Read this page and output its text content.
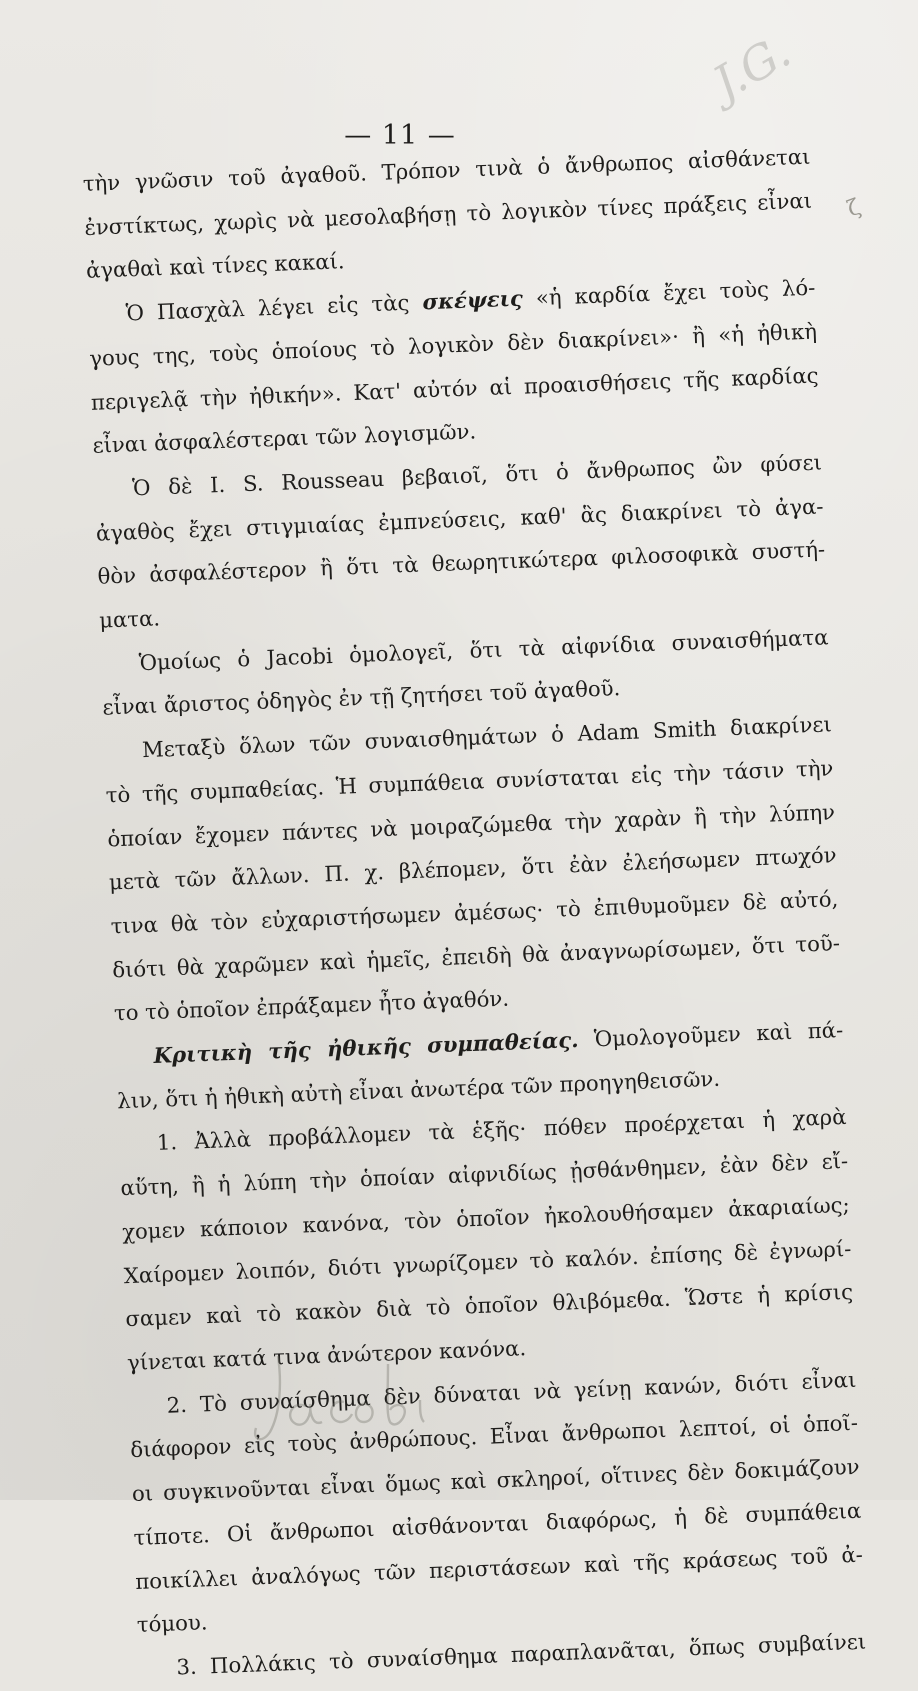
J.G.
— 11 —
ζ
τὴν γνῶσιν τοῦ ἀγαθοῦ. Τρόπον τινὰ ὁ ἄνθρωπος αἰσθάνεται
ἐνστίκτως, χωρὶς νὰ μεσολαβήσῃ τὸ λογικὸν τίνες πράξεις εἶναι
ἀγαθαὶ καὶ τίνες κακαί.
Ὁ Πασχὰλ λέγει εἰς τὰς σκέψεις «ἡ καρδία ἔχει τοὺς λό-
γους της, τοὺς ὁποίους τὸ λογικὸν δὲν διακρίνει»· ἢ «ἡ ἠθικὴ
περιγελᾷ τὴν ἠθικήν». Κατ' αὐτόν αἱ προαισθήσεις τῆς καρδίας
εἶναι ἀσφαλέστεραι τῶν λογισμῶν.
Ὁ δὲ I. S. Rousseau βεβαιοῖ, ὅτι ὁ ἄνθρωπος ὢν φύσει
ἀγαθὸς ἔχει στιγμιαίας ἐμπνεύσεις, καθ' ἃς διακρίνει τὸ ἀγα-
θὸν ἀσφαλέστερον ἢ ὅτι τὰ θεωρητικώτερα φιλοσοφικὰ συστή-
ματα.
Ὁμοίως ὁ Jacobi ὁμολογεῖ, ὅτι τὰ αἰφνίδια συναισθήματα
εἶναι ἄριστος ὁδηγὸς ἐν τῇ ζητήσει τοῦ ἀγαθοῦ.
Μεταξὺ ὅλων τῶν συναισθημάτων ὁ Adam Smith διακρίνει
τὸ τῆς συμπαθείας. Ἡ συμπάθεια συνίσταται εἰς τὴν τάσιν τὴν
ὁποίαν ἔχομεν πάντες νὰ μοιραζώμεθα τὴν χαρὰν ἢ τὴν λύπην
μετὰ τῶν ἄλλων. Π. χ. βλέπομεν, ὅτι ἐὰν ἐλεήσωμεν πτωχόν
τινα θὰ τὸν εὐχαριστήσωμεν ἀμέσως· τὸ ἐπιθυμοῦμεν δὲ αὐτό,
διότι θὰ χαρῶμεν καὶ ἡμεῖς, ἐπειδὴ θὰ ἀναγνωρίσωμεν, ὅτι τοῦ-
το τὸ ὁποῖον ἐπράξαμεν ἦτο ἀγαθόν.
Κριτικὴ τῆς ἠθικῆς συμπαθείας. Ὁμολογοῦμεν καὶ πά-
λιν, ὅτι ἡ ἠθικὴ αὐτὴ εἶναι ἀνωτέρα τῶν προηγηθεισῶν.
1. Ἀλλὰ προβάλλομεν τὰ ἑξῆς· πόθεν προέρχεται ἡ χαρὰ
αὕτη, ἢ ἡ λύπη τὴν ὁποίαν αἰφνιδίως ᾐσθάνθημεν, ἐὰν δὲν εἴ-
χομεν κάποιον κανόνα, τὸν ὁποῖον ἠκολουθήσαμεν ἀκαριαίως;
Χαίρομεν λοιπόν, διότι γνωρίζομεν τὸ καλόν. ἐπίσης δὲ ἐγνωρί-
σαμεν καὶ τὸ κακὸν διὰ τὸ ὁποῖον θλιβόμεθα. Ὥστε ἡ κρίσις
γίνεται κατά τινα ἀνώτερον κανόνα.
2. Τὸ συναίσθημα δὲν δύναται νὰ γείνῃ κανών, διότι εἶναι
διάφορον εἰς τοὺς ἀνθρώπους. Εἶναι ἄνθρωποι λεπτοί, οἱ ὁποῖ-
οι συγκινοῦνται εἶναι ὅμως καὶ σκληροί, οἵτινες δὲν δοκιμάζουν
τίποτε. Οἱ ἄνθρωποι αἰσθάνονται διαφόρως, ἡ δὲ συμπάθεια
ποικίλλει ἀναλόγως τῶν περιστάσεων καὶ τῆς κράσεως τοῦ ἀ-
τόμου.
3. Πολλάκις τὸ συναίσθημα παραπλανᾶται, ὅπως συμβαίνει
